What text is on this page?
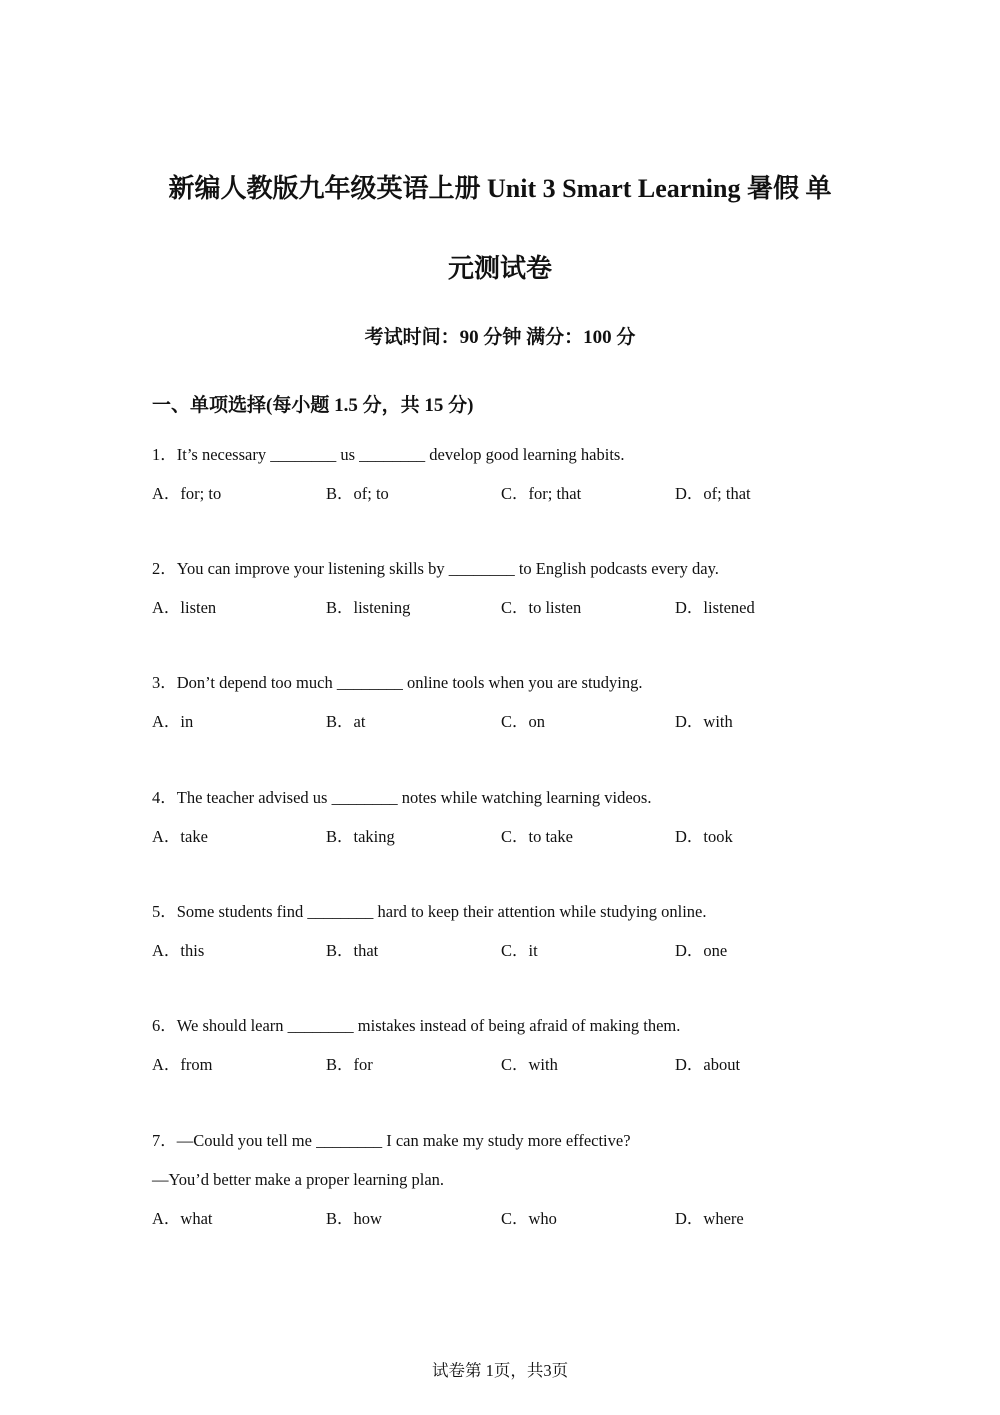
新编人教版九年级英语上册 Unit 3 Smart Learning 暑假 单
元测试卷
考试时间：90 分钟 满分：100 分
一、单项选择(每小题 1.5 分，共 15 分)
1．It’s necessary ________ us ________ develop good learning habits.
A．for; to	B．of; to	C．for; that	D．of; that
2．You can improve your listening skills by ________ to English podcasts every day.
A．listen	B．listening	C．to listen	D．listened
3．Don’t depend too much ________ online tools when you are studying.
A．in	B．at	C．on	D．with
4．The teacher advised us ________ notes while watching learning videos.
A．take	B．taking	C．to take	D．took
5．Some students find ________ hard to keep their attention while studying online.
A．this	B．that	C．it	D．one
6．We should learn ________ mistakes instead of being afraid of making them.
A．from	B．for	C．with	D．about
7．—Could you tell me ________ I can make my study more effective?
—You’d better make a proper learning plan.
A．what	B．how	C．who	D．where
试卷第 1页，共3页
